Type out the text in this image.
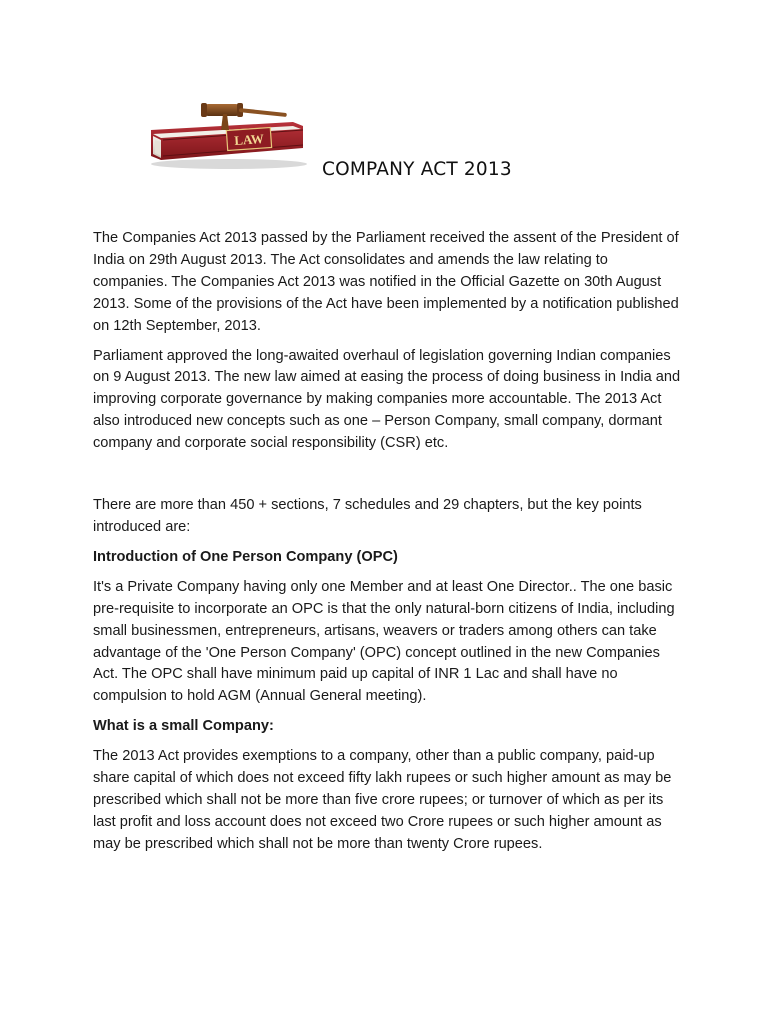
LAW
COMPANY ACT 2013

The Companies Act 2013 passed by the Parliament received the assent of the President of India on 29th August 2013. The Act consolidates and amends the law relating to companies. The Companies Act 2013 was notified in the Official Gazette on 30th August 2013. Some of the provisions of the Act have been implemented by a notification published on 12th September, 2013.

Parliament approved the long-awaited overhaul of legislation governing Indian companies on 9 August 2013. The new law aimed at easing the process of doing business in India and improving corporate governance by making companies more accountable. The 2013 Act also introduced new concepts such as one – Person Company, small company, dormant company and corporate social responsibility (CSR) etc.

There are more than 450 + sections, 7 schedules and 29 chapters, but the key points introduced are:

Introduction of One Person Company (OPC)

It's a Private Company having only one Member and at least One Director.. The one basic pre-requisite to incorporate an OPC is that the only natural-born citizens of India, including small businessmen, entrepreneurs, artisans, weavers or traders among others can take advantage of the 'One Person Company' (OPC) concept outlined in the new Companies Act. The OPC shall have minimum paid up capital of INR 1 Lac and shall have no compulsion to hold AGM (Annual General meeting).

What is a small Company:

The 2013 Act provides exemptions to a company, other than a public company, paid-up share capital of which does not exceed fifty lakh rupees or such higher amount as may be prescribed which shall not be more than five crore rupees; or turnover of which as per its last profit and loss account does not exceed two Crore rupees or such higher amount as may be prescribed which shall not be more than twenty Crore rupees.
